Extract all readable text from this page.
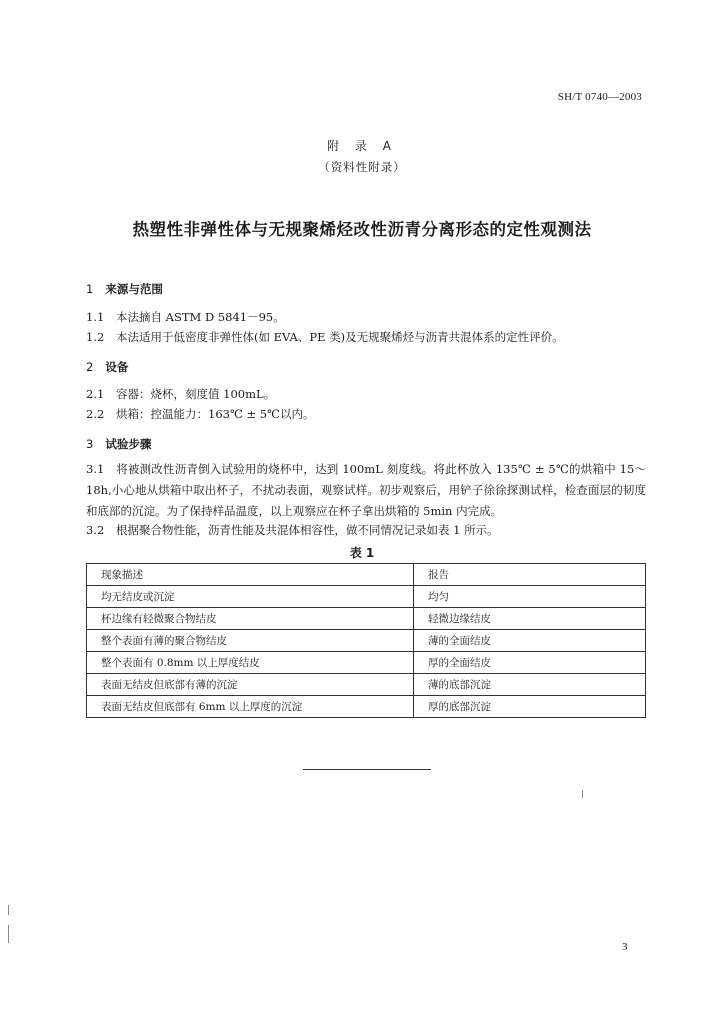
SH/T 0740—2003
附 录 A
（资料性附录）
热塑性非弹性体与无规聚烯烃改性沥青分离形态的定性观测法
1 来源与范围
1.1 本法摘自 ASTM D 5841－95。
1.2 本法适用于低密度非弹性体(如 EVA、PE 类)及无规聚烯烃与沥青共混体系的定性评价。
2 设备
2.1 容器：烧杯，刻度值 100mL。
2.2 烘箱：控温能力：163℃ ± 5℃以内。
3 试验步骤
3.1 将被测改性沥青倒入试验用的烧杯中，达到 100mL 刻度线。将此杯放入 135℃ ± 5℃的烘箱中 15～18h,小心地从烘箱中取出杯子，不扰动表面，观察试样。初步观察后，用铲子徐徐探测试样，检查面层的韧度和底部的沉淀。为了保持样品温度，以上观察应在杯子拿出烘箱的 5min 内完成。
3.2 根据聚合物性能，沥青性能及共混体相容性，做不同情况记录如表 1 所示。
表 1
现象描述	报告
均无结皮或沉淀	均匀
杯边缘有轻微聚合物结皮	轻微边缘结皮
整个表面有薄的聚合物结皮	薄的全面结皮
整个表面有 0.8mm 以上厚度结皮	厚的全面结皮
表面无结皮但底部有薄的沉淀	薄的底部沉淀
表面无结皮但底部有 6mm 以上厚度的沉淀	厚的底部沉淀
3
